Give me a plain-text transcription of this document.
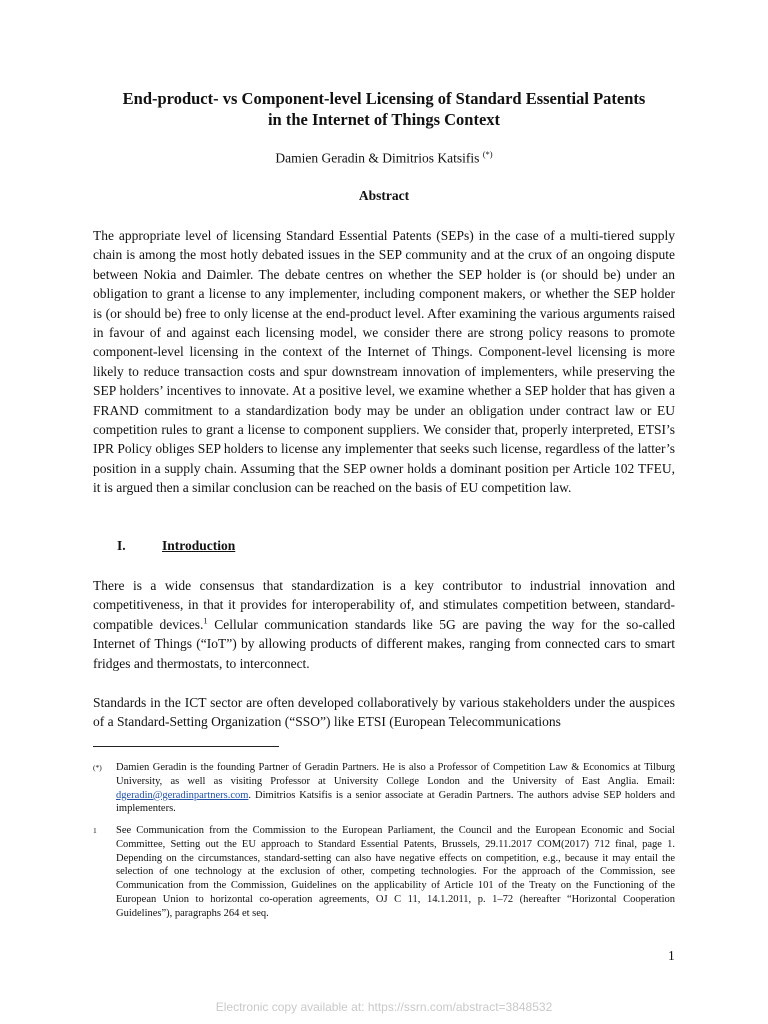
End-product- vs Component-level Licensing of Standard Essential Patents
in the Internet of Things Context
Damien Geradin & Dimitrios Katsifis (*)
Abstract

The appropriate level of licensing Standard Essential Patents (SEPs) in the case of a multi-tiered supply chain is among the most hotly debated issues in the SEP community and at the crux of an ongoing dispute between Nokia and Daimler. The debate centres on whether the SEP holder is (or should be) under an obligation to grant a license to any implementer, including component makers, or whether the SEP holder is (or should be) free to only license at the end-product level. After examining the various arguments raised in favour of and against each licensing model, we consider there are strong policy reasons to promote component-level licensing in the context of the Internet of Things. Component-level licensing is more likely to reduce transaction costs and spur downstream innovation of implementers, while preserving the SEP holders’ incentives to innovate. At a positive level, we examine whether a SEP holder that has given a FRAND commitment to a standardization body may be under an obligation under contract law or EU competition rules to grant a license to component suppliers. We consider that, properly interpreted, ETSI’s IPR Policy obliges SEP holders to license any implementer that seeks such license, regardless of the latter’s position in a supply chain. Assuming that the SEP owner holds a dominant position per Article 102 TFEU, it is argued then a similar conclusion can be reached on the basis of EU competition law.

I.	Introduction

There is a wide consensus that standardization is a key contributor to industrial innovation and competitiveness, in that it provides for interoperability of, and stimulates competition between, standard-compatible devices.$^1$ Cellular communication standards like 5G are paving the way for the so-called Internet of Things (“IoT”) by allowing products of different makes, ranging from connected cars to smart fridges and thermostats, to interconnect.

Standards in the ICT sector are often developed collaboratively by various stakeholders under the auspices of a Standard-Setting Organization (“SSO”) like ETSI (European Telecommunications

(*) Damien Geradin is the founding Partner of Geradin Partners. He is also a Professor of Competition Law & Economics at Tilburg University, as well as visiting Professor at University College London and the University of East Anglia. Email: dgeradin@geradinpartners.com. Dimitrios Katsifis is a senior associate at Geradin Partners. The authors advise SEP holders and implementers.
1 See Communication from the Commission to the European Parliament, the Council and the European Economic and Social Committee, Setting out the EU approach to Standard Essential Patents, Brussels, 29.11.2017 COM(2017) 712 final, page 1. Depending on the circumstances, standard-setting can also have negative effects on competition, e.g., because it may entail the selection of one technology at the exclusion of other, competing technologies. For the approach of the Commission, see Communication from the Commission, Guidelines on the applicability of Article 101 of the Treaty on the Functioning of the European Union to horizontal co-operation agreements, OJ C 11, 14.1.2011, p. 1–72 (hereafter “Horizontal Cooperation Guidelines”), paragraphs 264 et seq.
1
Electronic copy available at: https://ssrn.com/abstract=3848532
